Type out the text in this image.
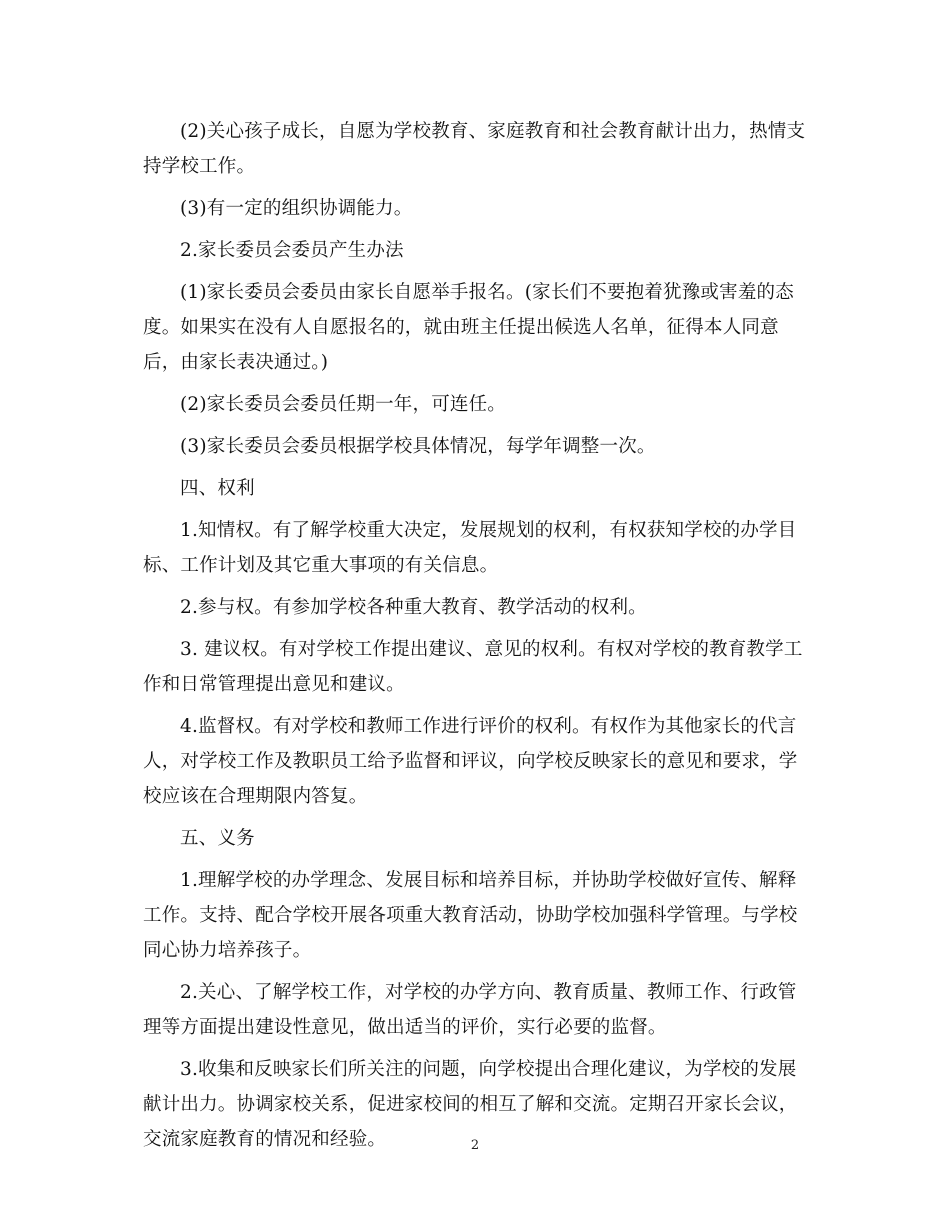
(2)关心孩子成长，自愿为学校教育、家庭教育和社会教育献计出力，热情支
持学校工作。

(3)有一定的组织协调能力。

2.家长委员会委员产生办法

(1)家长委员会委员由家长自愿举手报名。(家长们不要抱着犹豫或害羞的态
度。如果实在没有人自愿报名的，就由班主任提出候选人名单，征得本人同意
后，由家长表决通过。)

(2)家长委员会委员任期一年，可连任。

(3)家长委员会委员根据学校具体情况，每学年调整一次。

四、权利

1.知情权。有了解学校重大决定，发展规划的权利，有权获知学校的办学目
标、工作计划及其它重大事项的有关信息。

2.参与权。有参加学校各种重大教育、教学活动的权利。

3. 建议权。有对学校工作提出建议、意见的权利。有权对学校的教育教学工
作和日常管理提出意见和建议。

4.监督权。有对学校和教师工作进行评价的权利。有权作为其他家长的代言
人，对学校工作及教职员工给予监督和评议，向学校反映家长的意见和要求，学
校应该在合理期限内答复。

五、义务

1.理解学校的办学理念、发展目标和培养目标，并协助学校做好宣传、解释
工作。支持、配合学校开展各项重大教育活动，协助学校加强科学管理。与学校
同心协力培养孩子。

2.关心、了解学校工作，对学校的办学方向、教育质量、教师工作、行政管
理等方面提出建设性意见，做出适当的评价，实行必要的监督。

3.收集和反映家长们所关注的问题，向学校提出合理化建议，为学校的发展
献计出力。协调家校关系，促进家校间的相互了解和交流。定期召开家长会议，
交流家庭教育的情况和经验。	2
